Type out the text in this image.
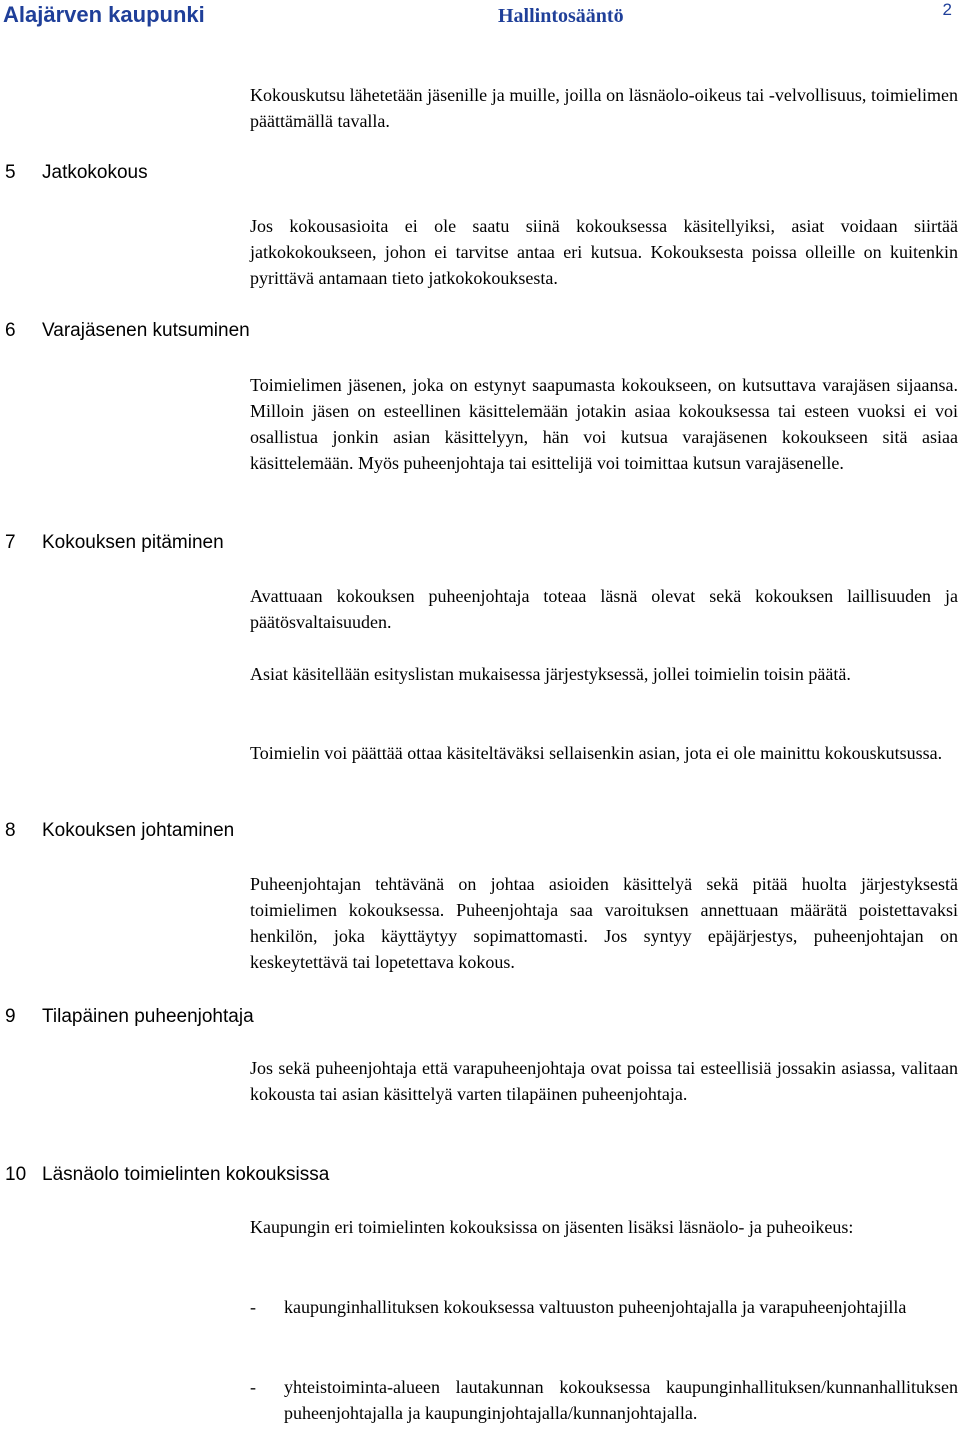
Alajärven kaupunki	Hallintosääntö	2

Kokouskutsu lähetetään jäsenille ja muille, joilla on läsnäolo-oikeus tai -velvollisuus, toimielimen päättämällä tavalla.

5 Jatkokokous

Jos kokousasioita ei ole saatu siinä kokouksessa käsitellyiksi, asiat voidaan siirtää jatkokokoukseen, johon ei tarvitse antaa eri kutsua. Kokouksesta poissa olleille on kuitenkin pyrittävä antamaan tieto jatkokokouksesta.

6 Varajäsenen kutsuminen

Toimielimen jäsenen, joka on estynyt saapumasta kokoukseen, on kutsuttava varajäsen sijaansa. Milloin jäsen on esteellinen käsittelemään jotakin asiaa kokouksessa tai esteen vuoksi ei voi osallistua jonkin asian käsittelyyn, hän voi kutsua varajäsenen kokoukseen sitä asiaa käsittelemään. Myös puheenjohtaja tai esittelijä voi toimittaa kutsun varajäsenelle.

7 Kokouksen pitäminen

Avattuaan kokouksen puheenjohtaja toteaa läsnä olevat sekä kokouksen laillisuuden ja päätösvaltaisuuden.

Asiat käsitellään esityslistan mukaisessa järjestyksessä, jollei toimielin toisin päätä.

Toimielin voi päättää ottaa käsiteltäväksi sellaisenkin asian, jota ei ole mainittu kokouskutsussa.

8 Kokouksen johtaminen

Puheenjohtajan tehtävänä on johtaa asioiden käsittelyä sekä pitää huolta järjestyksestä toimielimen kokouksessa. Puheenjohtaja saa varoituksen annettuaan määrätä poistettavaksi henkilön, joka käyttäytyy sopimattomasti. Jos syntyy epäjärjestys, puheenjohtajan on keskeytettävä tai lopetettava kokous.

9 Tilapäinen puheenjohtaja

Jos sekä puheenjohtaja että varapuheenjohtaja ovat poissa tai esteellisiä jossakin asiassa, valitaan kokousta tai asian käsittelyä varten tilapäinen puheenjohtaja.

10 Läsnäolo toimielinten kokouksissa

Kaupungin eri toimielinten kokouksissa on jäsenten lisäksi läsnäolo- ja puheoikeus:

- kaupunginhallituksen kokouksessa valtuuston puheenjohtajalla ja varapuheenjohtajilla
- yhteistoiminta-alueen lautakunnan kokouksessa kaupunginhallituksen/kunnanhallituksen puheenjohtajalla ja kaupunginjohtajalla/kunnanjohtajalla.
